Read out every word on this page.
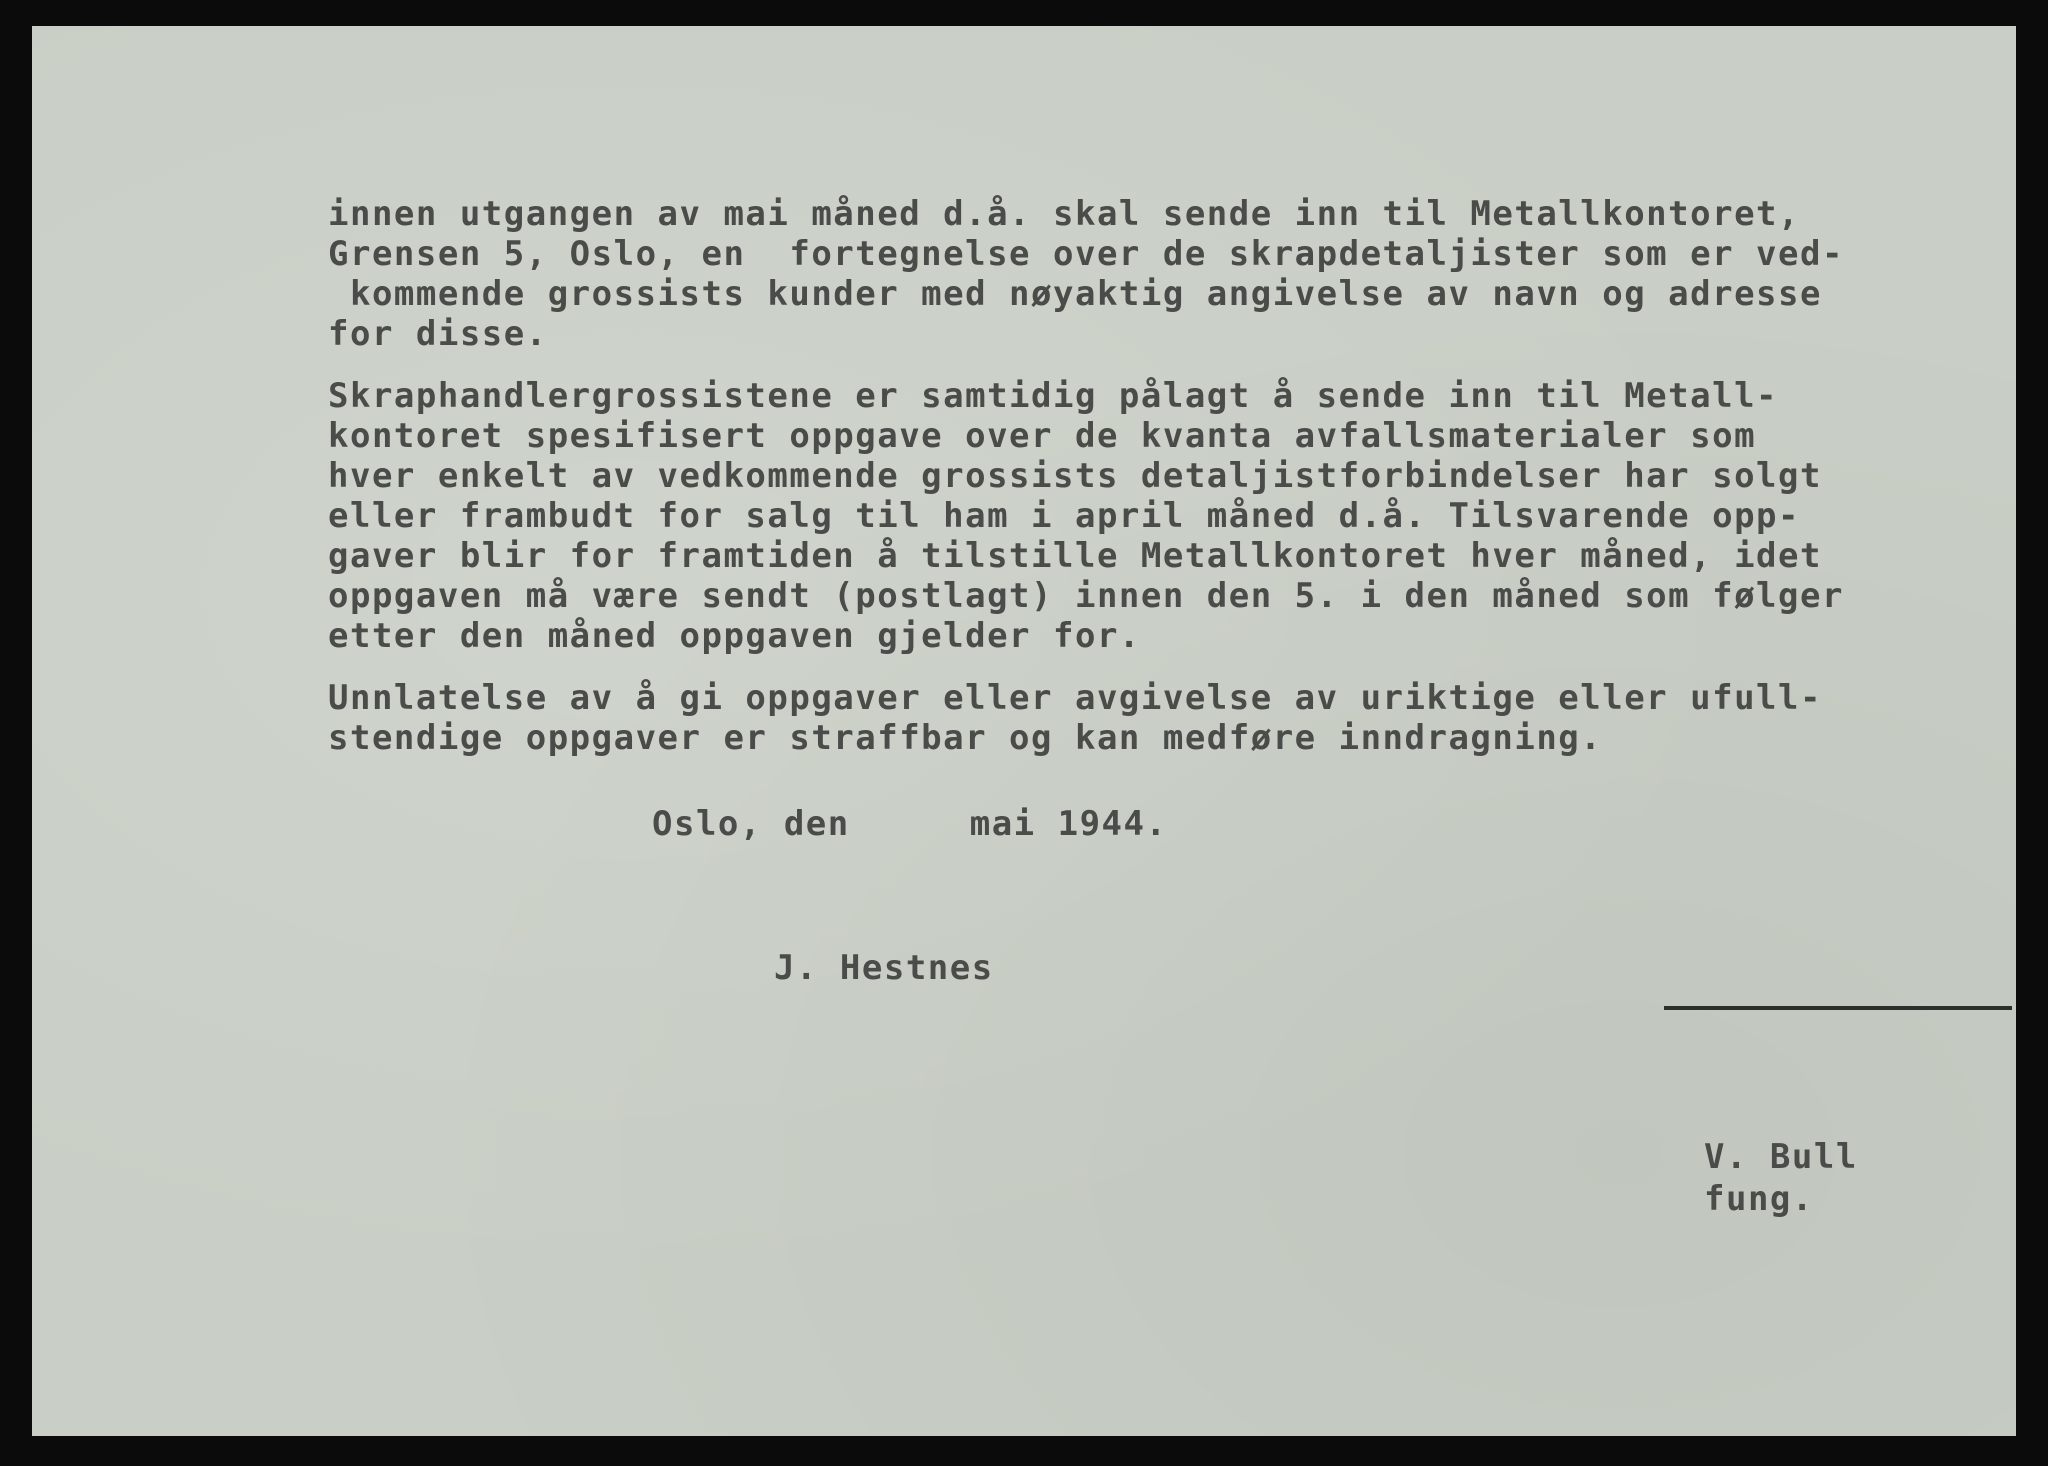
innen utgangen av mai måned d.å. skal sende inn til Metallkontoret,
Grensen 5, Oslo, en  fortegnelse over de skrapdetaljister som er ved-
kommende grossists kunder med nøyaktig angivelse av navn og adresse
for disse.
Skraphandlergrossistene er samtidig pålagt å sende inn til Metall-
kontoret spesifisert oppgave over de kvanta avfallsmaterialer som
hver enkelt av vedkommende grossists detaljistforbindelser har solgt
eller frambudt for salg til ham i april måned d.å. Tilsvarende opp-
gaver blir for framtiden å tilstille Metallkontoret hver måned, idet
oppgaven må være sendt (postlagt) innen den 5. i den måned som følger
etter den måned oppgaven gjelder for.
Unnlatelse av å gi oppgaver eller avgivelse av uriktige eller ufull-
stendige oppgaver er straffbar og kan medføre inndragning.
Oslo, den	mai 1944.
J. Hestnes
V. Bull
fung.
